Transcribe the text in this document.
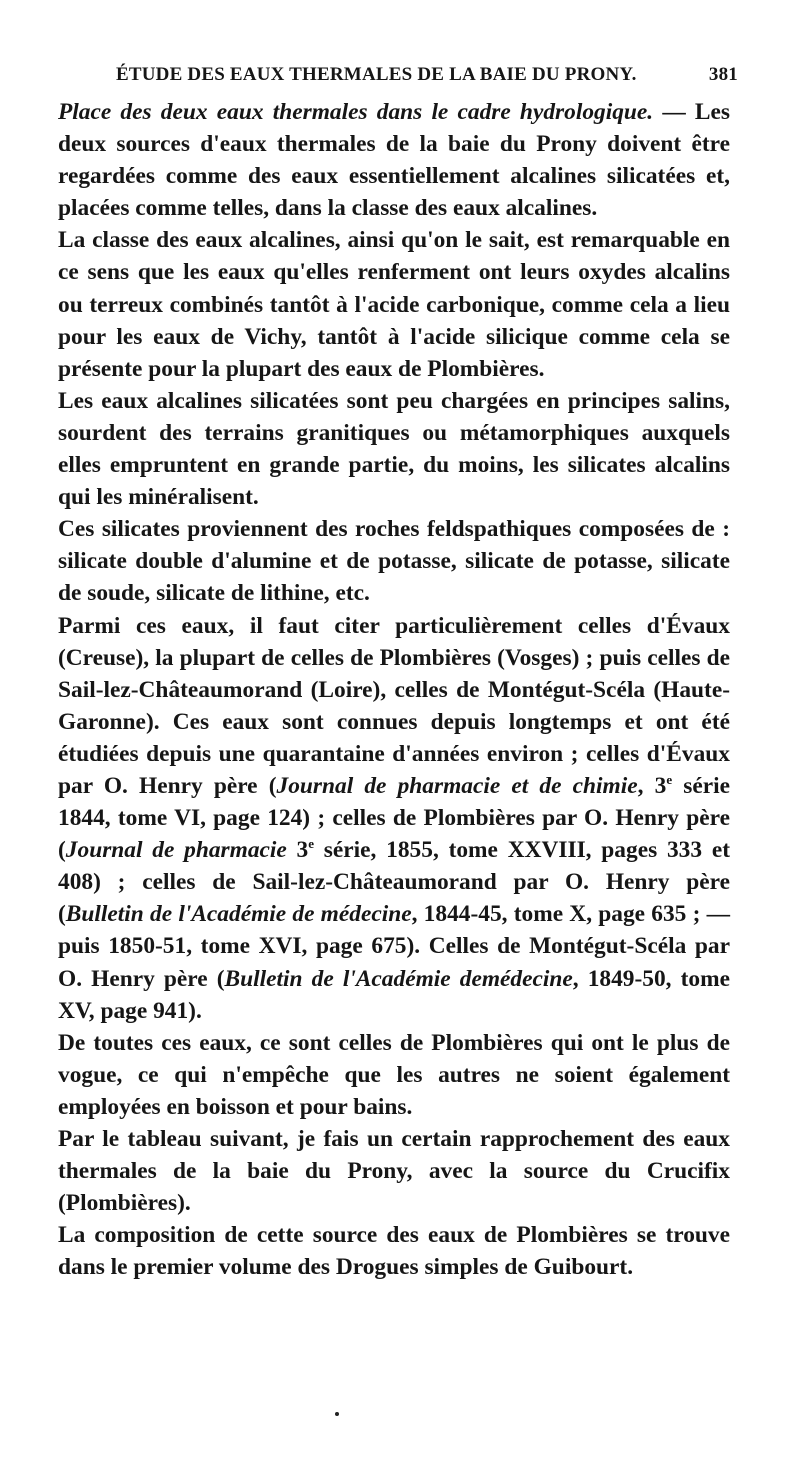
ÉTUDE DES EAUX THERMALES DE LA BAIE DU PRONY.	381

Place des deux eaux thermales dans le cadre hydrologique. — Les deux sources d'eaux thermales de la baie du Prony doivent être regardées comme des eaux essentiellement alcalines silicatées et, placées comme telles, dans la classe des eaux alcalines.

La classe des eaux alcalines, ainsi qu'on le sait, est remarquable en ce sens que les eaux qu'elles renferment ont leurs oxydes alcalins ou terreux combinés tantôt à l'acide carbonique, comme cela a lieu pour les eaux de Vichy, tantôt à l'acide silicique comme cela se présente pour la plupart des eaux de Plombières.

Les eaux alcalines silicatées sont peu chargées en principes salins, sourdent des terrains granitiques ou métamorphiques auxquels elles empruntent en grande partie, du moins, les silicates alcalins qui les minéralisent.

Ces silicates proviennent des roches feldspathiques composées de : silicate double d'alumine et de potasse, silicate de potasse, silicate de soude, silicate de lithine, etc.

Parmi ces eaux, il faut citer particulièrement celles d'Évaux (Creuse), la plupart de celles de Plombières (Vosges) ; puis celles de Sail-lez-Châteaumorand (Loire), celles de Montégut-Scéla (Haute-Garonne). Ces eaux sont connues depuis longtemps et ont été étudiées depuis une quarantaine d'années environ ; celles d'Évaux par O. Henry père (Journal de pharmacie et de chimie, 3e série 1844, tome VI, page 124) ; celles de Plombières par O. Henry père (Journal de pharmacie 3e série, 1855, tome XXVIII, pages 333 et 408) ; celles de Sail-lez-Châteaumorand par O. Henry père (Bulletin de l'Académie de médecine, 1844-45, tome X, page 635 ; — puis 1850-51, tome XVI, page 675). Celles de Montégut-Scéla par O. Henry père (Bulletin de l'Académie demédecine, 1849-50, tome XV, page 941).

De toutes ces eaux, ce sont celles de Plombières qui ont le plus de vogue, ce qui n'empêche que les autres ne soient également employées en boisson et pour bains.

Par le tableau suivant, je fais un certain rapprochement des eaux thermales de la baie du Prony, avec la source du Crucifix (Plombières).

La composition de cette source des eaux de Plombières se trouve dans le premier volume des Drogues simples de Guibourt.
